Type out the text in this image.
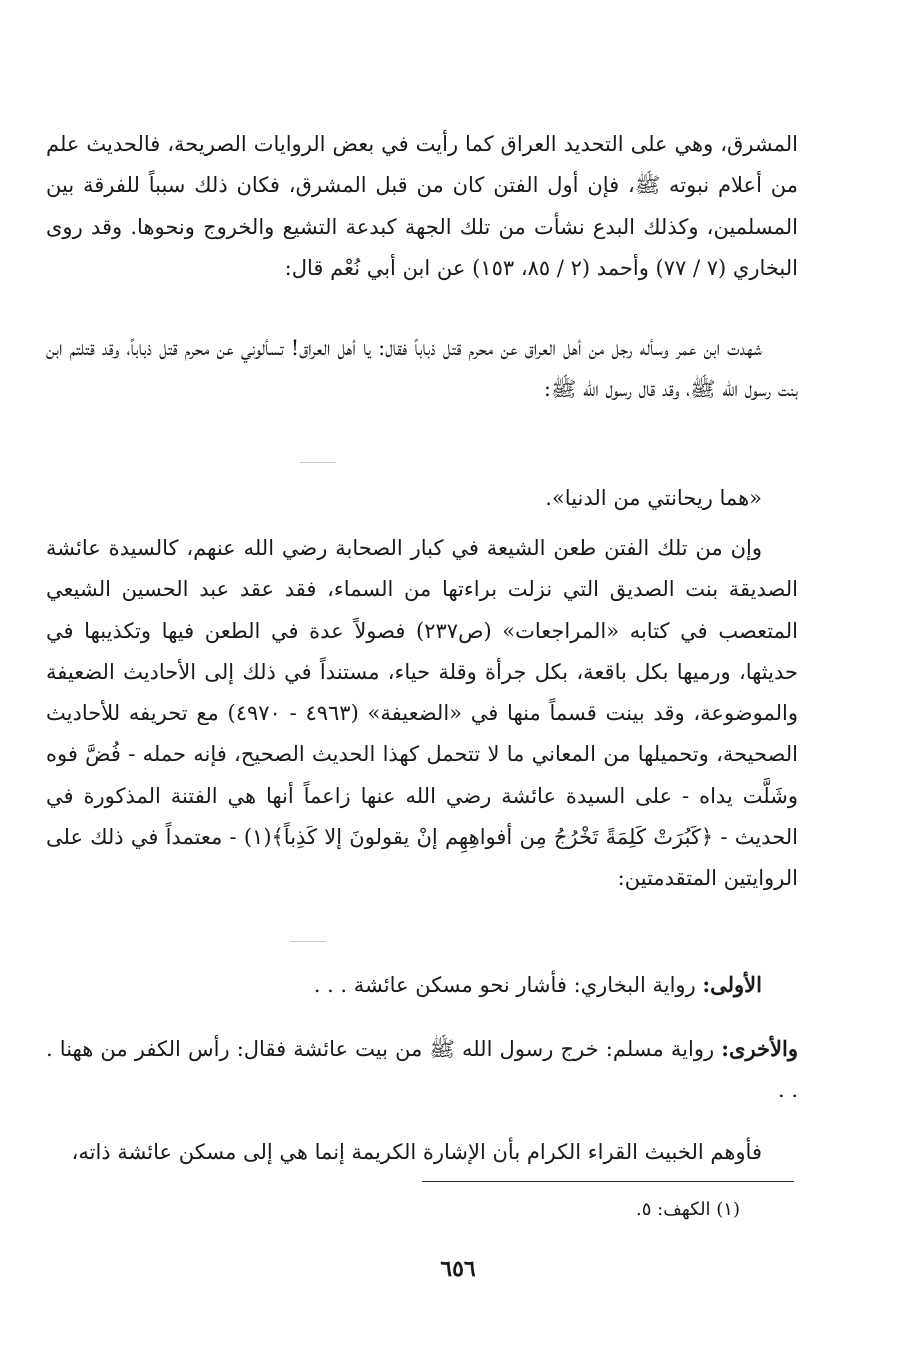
المشرق، وهي على التحديد العراق كما رأيت في بعض الروايات الصريحة، فالحديث علم من أعلام نبوته ﷺ، فإن أول الفتن كان من قبل المشرق، فكان ذلك سبباً للفرقة بين المسلمين، وكذلك البدع نشأت من تلك الجهة كبدعة التشيع والخروج ونحوها. وقد روى البخاري (٧ / ٧٧) وأحمد (٢ / ٨٥، ١٥٣) عن ابن أبي نُعْم قال:

شهدت ابن عمر وسأله رجل من أهل العراق عن محرم قتل ذباباً فقال: يا أهل العراق! تسألوني عن محرم قتل ذباباً، وقد قتلتم ابن بنت رسول الله ﷺ، وقد قال رسول الله ﷺ:

«هما ريحانتي من الدنيا».

وإن من تلك الفتن طعن الشيعة في كبار الصحابة رضي الله عنهم، كالسيدة عائشة الصديقة بنت الصديق التي نزلت براءتها من السماء، فقد عقد عبد الحسين الشيعي المتعصب في كتابه «المراجعات» (ص٢٣٧) فصولاً عدة في الطعن فيها وتكذيبها في حديثها، ورميها بكل باقعة، بكل جرأة وقلة حياء، مستنداً في ذلك إلى الأحاديث الضعيفة والموضوعة، وقد بينت قسماً منها في «الضعيفة» (٤٩٦٣ - ٤٩٧٠) مع تحريفه للأحاديث الصحيحة، وتحميلها من المعاني ما لا تتحمل كهذا الحديث الصحيح، فإنه حمله - فُضَّ فوه وشَلَّت يداه - على السيدة عائشة رضي الله عنها زاعماً أنها هي الفتنة المذكورة في الحديث - ﴿كَبُرَتْ كَلِمَةً تَخْرُجُ مِن أفواهِهِم إنْ يقولونَ إلا كَذِباً﴾(١) - معتمداً في ذلك على الروايتين المتقدمتين:

الأولى: رواية البخاري: فأشار نحو مسكن عائشة . . .

والأخرى: رواية مسلم: خرج رسول الله ﷺ من بيت عائشة فقال: رأس الكفر من ههنا . . .

فأوهم الخبيث القراء الكرام بأن الإشارة الكريمة إنما هي إلى مسكن عائشة ذاته،

(١) الكهف: ٥.
٦٥٦
